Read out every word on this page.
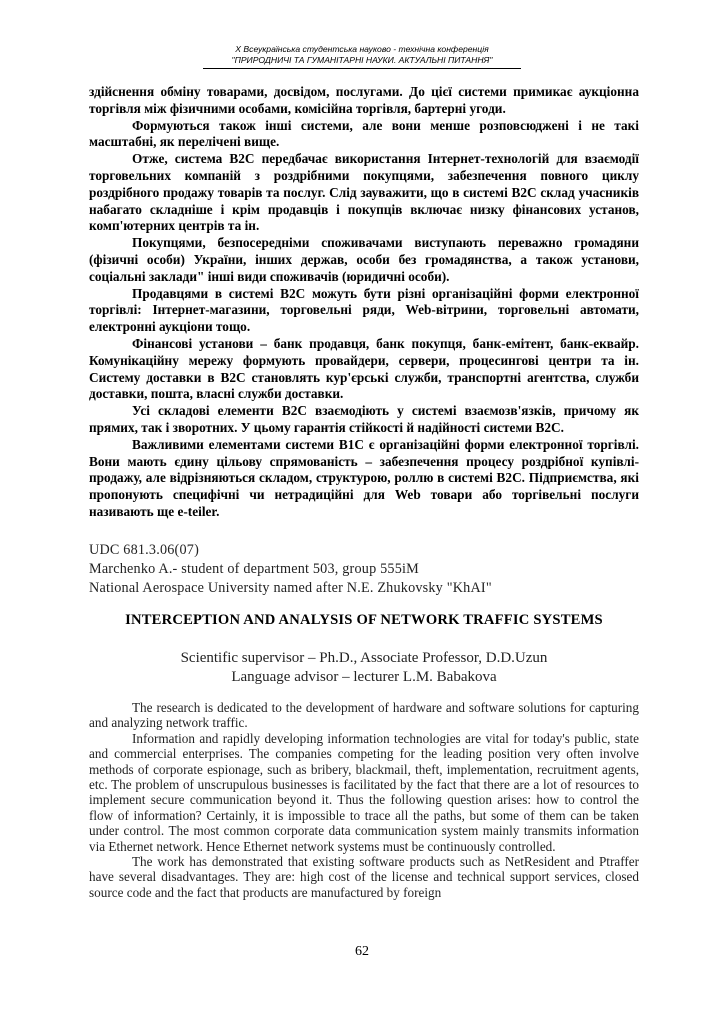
X Всеукраїнська студентська науково - технічна конференція
"ПРИРОДНИЧІ ТА ГУМАНІТАРНІ НАУКИ. АКТУАЛЬНІ ПИТАННЯ"

здійснення обміну товарами, досвідом, послугами. До цієї системи примикає аукціонна торгівля між фізичними особами, комісійна торгівля, бартерні угоди.

Формуються також інші системи, але вони менше розповсюджені і не такі масштабні, як перелічені вище.

Отже, система B2C передбачає використання Інтернет-технологій для взаємодії торговельних компаній з роздрібними покупцями, забезпечення повного циклу роздрібного продажу товарів та послуг. Слід зауважити, що в системі B2C склад учасників набагато складніше і крім продавців і покупців включає низку фінансових установ, комп'ютерних центрів та ін.

Покупцями, безпосередніми споживачами виступають переважно громадяни (фізичні особи) України, інших держав, особи без громадянства, а також установи, соціальні заклади" інші види споживачів (юридичні особи).

Продавцями в системі B2C можуть бути різні організаційні форми електронної торгівлі: Інтернет-магазини, торговельні ряди, Web-вітрини, торговельні автомати, електронні аукціони тощо.

Фінансові установи – банк продавця, банк покупця, банк-емітент, банк-еквайр. Комунікаційну мережу формують провайдери, сервери, процесингові центри та ін. Систему доставки в B2C становлять кур'єрські служби, транспортні агентства, служби доставки, пошта, власні служби доставки.

Усі складові елементи B2C взаємодіють у системі взаємозв'язків, причому як прямих, так і зворотних. У цьому гарантія стійкості й надійності системи B2C.

Важливими елементами системи B1C є організаційні форми електронної торгівлі. Вони мають єдину цільову спрямованість – забезпечення процесу роздрібної купівлі-продажу, але відрізняються складом, структурою, роллю в системі B2C. Підприємства, які пропонують специфічні чи нетрадиційні для Web товари або торгівельні послуги називають ще e-teiler.

UDC 681.3.06(07)
Marchenko A.- student of department 503, group 555iM
National Aerospace University named after N.E. Zhukovsky "KhAI"
INTERCEPTION AND ANALYSIS OF NETWORK TRAFFIC SYSTEMS
Scientific supervisor – Ph.D., Associate Professor, D.D.Uzun
Language advisor – lecturer L.M. Babakova

The research is dedicated to the development of hardware and software solutions for capturing and analyzing network traffic.

Information and rapidly developing information technologies are vital for today's public, state and commercial enterprises. The companies competing for the leading position very often involve methods of corporate espionage, such as bribery, blackmail, theft, implementation, recruitment agents, etc. The problem of unscrupulous businesses is facilitated by the fact that there are a lot of resources to implement secure communication beyond it. Thus the following question arises: how to control the flow of information? Certainly, it is impossible to trace all the paths, but some of them can be taken under control. The most common corporate data communication system mainly transmits information via Ethernet network. Hence Ethernet network systems must be continuously controlled.

The work has demonstrated that existing software products such as NetResident and Ptraffer have several disadvantages. They are: high cost of the license and technical support services, closed source code and the fact that products are manufactured by foreign

62
